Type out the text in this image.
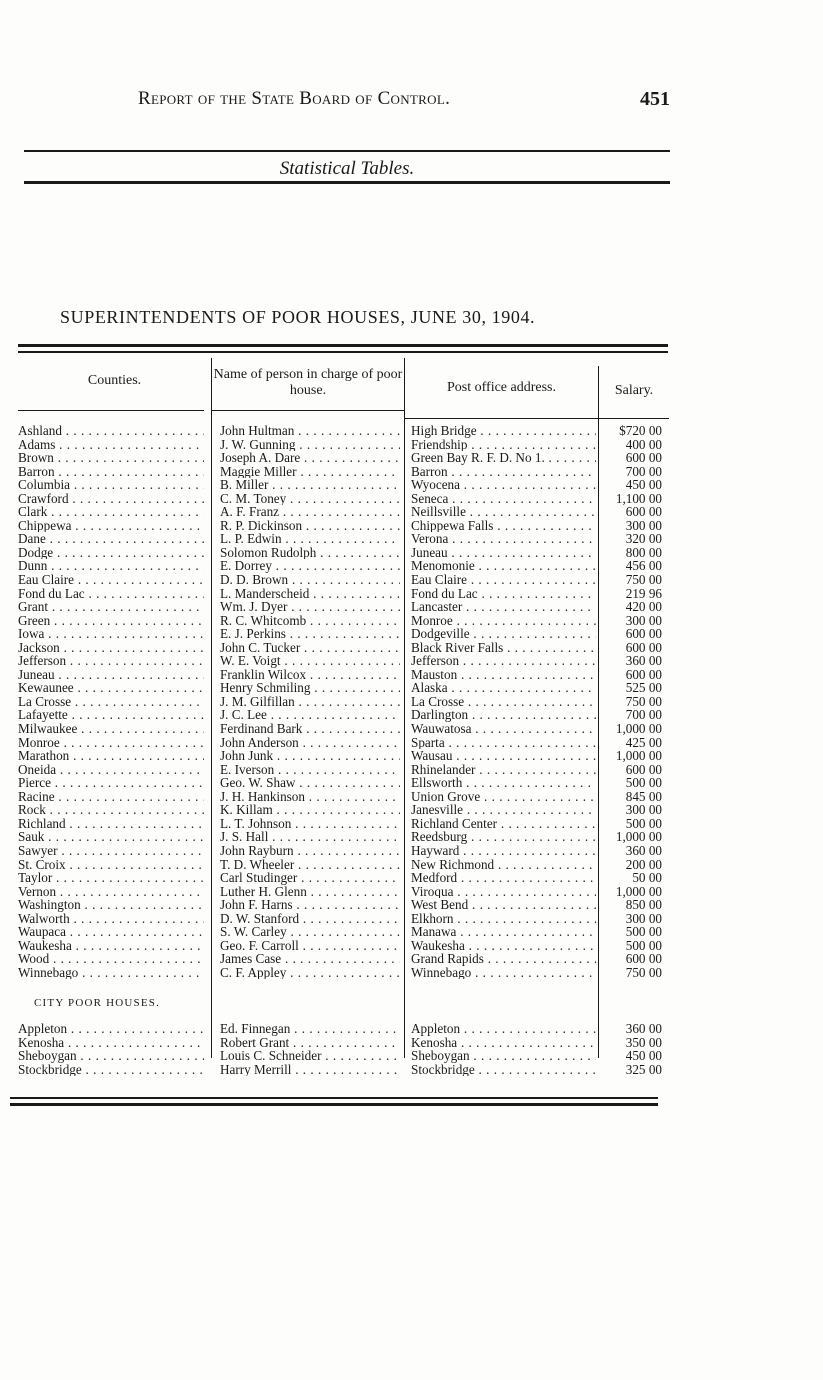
Report of the State Board of Control.	451
Statistical Tables.
SUPERINTENDENTS OF POOR HOUSES, JUNE 30, 1904.
Counties.	Name of person in charge of poor house.	Post office address.	Salary.
Ashland . . .	John Hultman . . .	High Bridge . . .	$720 00
Adams . . .	J. W. Gunning . . .	Friendship . . .	400 00
Brown . . .	Joseph A. Dare . . .	Green Bay R. F. D. No 1. . . .	600 00
Barron . . .	Maggie Miller . . .	Barron . . .	700 00
Columbia . . .	B. Miller . . .	Wyocena . . .	450 00
Crawford . . .	C. M. Toney . . .	Seneca . . .	1,100 00
Clark . . .	A. F. Franz . . .	Neillsville . . .	600 00
Chippewa . . .	R. P. Dickinson . . .	Chippewa Falls . . .	300 00
Dane . . .	L. P. Edwin . . .	Verona . . .	320 00
Dodge . . .	Solomon Rudolph . . .	Juneau . . .	800 00
Dunn . . .	E. Dorrey . . .	Menomonie . . .	456 00
Eau Claire . . .	D. D. Brown . . .	Eau Claire . . .	750 00
Fond du Lac . . .	L. Manderscheid . . .	Fond du Lac . . .	219 96
Grant . . .	Wm. J. Dyer . . .	Lancaster . . .	420 00
Green . . .	R. C. Whitcomb . . .	Monroe . . .	300 00
Iowa . . .	E. J. Perkins . . .	Dodgeville . . .	600 00
Jackson . . .	John C. Tucker . . .	Black River Falls . . .	600 00
Jefferson . . .	W. E. Voigt . . .	Jefferson . . .	360 00
Juneau . . .	Franklin Wilcox . . .	Mauston . . .	600 00
Kewaunee . . .	Henry Schmiling . . .	Alaska . . .	525 00
La Crosse . . .	J. M. Gilfillan . . .	La Crosse . . .	750 00
Lafayette . . .	J. C. Lee . . .	Darlington . . .	700 00
Milwaukee . . .	Ferdinand Bark . . .	Wauwatosa . . .	1,000 00
Monroe . . .	John Anderson . . .	Sparta . . .	425 00
Marathon . . .	John Junk . . .	Wausau . . .	1,000 00
Oneida . . .	E. Iverson . . .	Rhinelander . . .	600 00
Pierce . . .	Geo. W. Shaw . . .	Ellsworth . . .	500 00
Racine . . .	J. H. Hankinson . . .	Union Grove . . .	845 00
Rock . . .	K. Killam . . .	Janesville . . .	300 00
Richland . . .	L. T. Johnson . . .	Richland Center . . .	500 00
Sauk . . .	J. S. Hall . . .	Reedsburg . . .	1,000 00
Sawyer . . .	John Rayburn . . .	Hayward . . .	360 00
St. Croix . . .	T. D. Wheeler . . .	New Richmond . . .	200 00
Taylor . . .	Carl Studinger . . .	Medford . . .	50 00
Vernon . . .	Luther H. Glenn . . .	Viroqua . . .	1,000 00
Washington . . .	John F. Harns . . .	West Bend . . .	850 00
Walworth . . .	D. W. Stanford . . .	Elkhorn . . .	300 00
Waupaca . . .	S. W. Carley . . .	Manawa . . .	500 00
Waukesha . . .	Geo. F. Carroll . . .	Waukesha . . .	500 00
Wood . . .	James Case . . .	Grand Rapids . . .	600 00
Winnebago . . .	C. F. Appley . . .	Winnebago . . .	750 00
CITY POOR HOUSES.
Appleton . . .	Ed. Finnegan . . .	Appleton . . .	360 00
Kenosha . . .	Robert Grant . . .	Kenosha . . .	350 00
Sheboygan . . .	Louis C. Schneider . . .	Sheboygan . . .	450 00
Stockbridge . . .	Harry Merrill . . .	Stockbridge . . .	325 00
